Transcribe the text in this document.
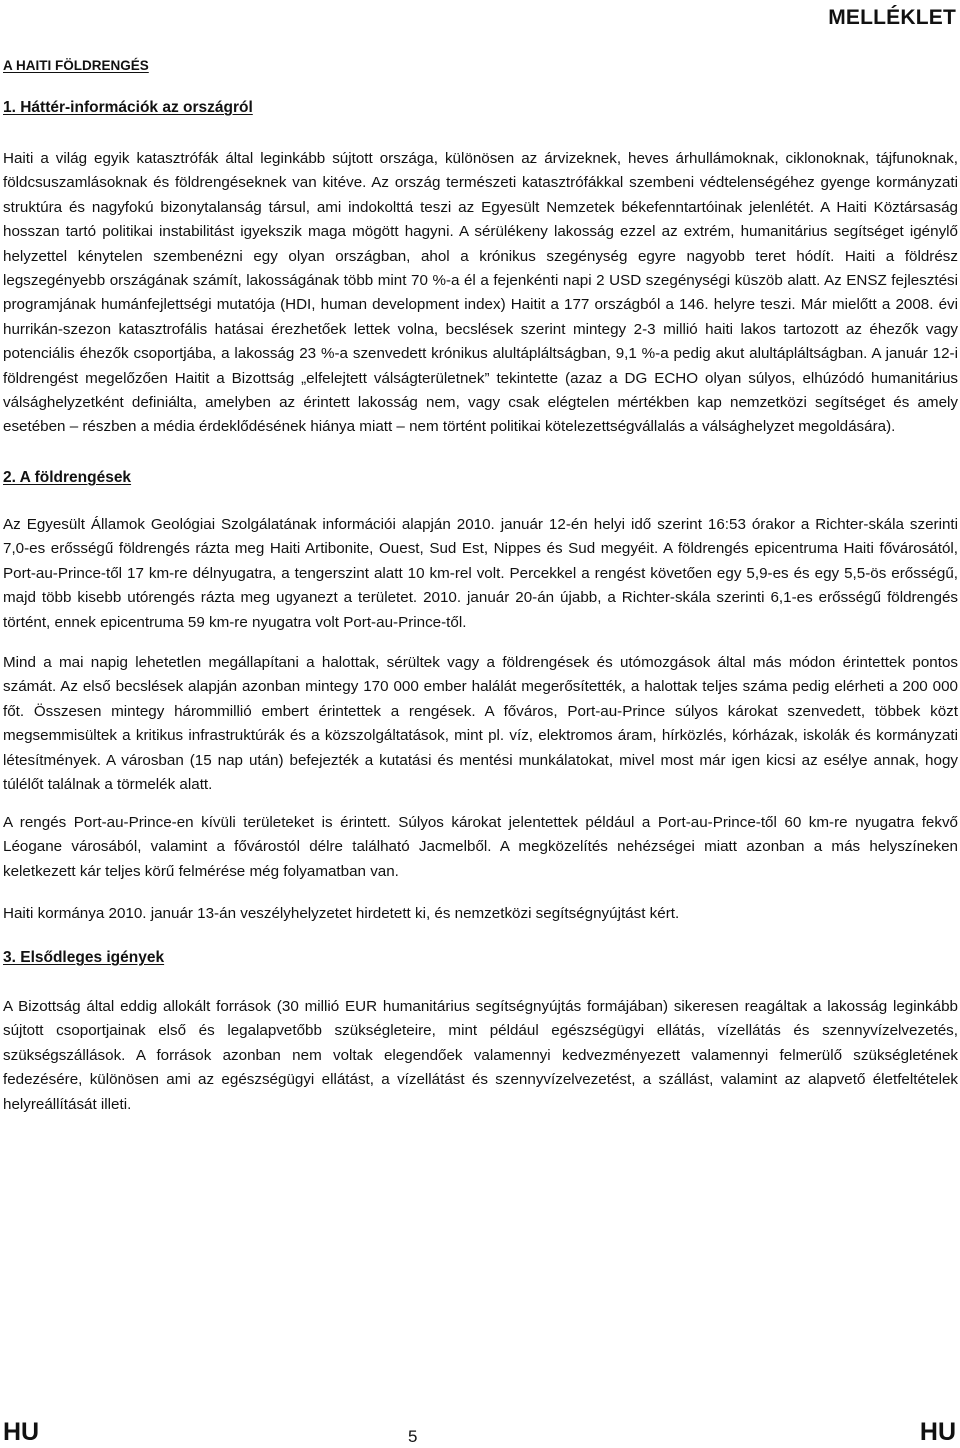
MELLÉKLET
A HAITI FÖLDRENGÉS
1. Háttér-információk az országról

Haiti a világ egyik katasztrófák által leginkább sújtott országa, különösen az árvizeknek, heves árhullámoknak, ciklonoknak, tájfunoknak, földcsuszamlásoknak és földrengéseknek van kitéve. Az ország természeti katasztrófákkal szembeni védtelenségéhez gyenge kormányzati struktúra és nagyfokú bizonytalanság társul, ami indokolttá teszi az Egyesült Nemzetek békefenntartóinak jelenlétét. A Haiti Köztársaság hosszan tartó politikai instabilitást igyekszik maga mögött hagyni. A sérülékeny lakosság ezzel az extrém, humanitárius segítséget igénylő helyzettel kénytelen szembenézni egy olyan országban, ahol a krónikus szegénység egyre nagyobb teret hódít. Haiti a földrész legszegényebb országának számít, lakosságának több mint 70 %-a él a fejenkénti napi 2 USD szegénységi küszöb alatt. Az ENSZ fejlesztési programjának humánfejlettségi mutatója (HDI, human development index) Haitit a 177 országból a 146. helyre teszi. Már mielőtt a 2008. évi hurrikán-szezon katasztrofális hatásai érezhetőek lettek volna, becslések szerint mintegy 2-3 millió haiti lakos tartozott az éhezők vagy potenciális éhezők csoportjába, a lakosság 23 %-a szenvedett krónikus alultápláltságban, 9,1 %-a pedig akut alultápláltságban. A január 12-i földrengést megelőzően Haitit a Bizottság „elfelejtett válságterületnek” tekintette (azaz a DG ECHO olyan súlyos, elhúzódó humanitárius válsághelyzetként definiálta, amelyben az érintett lakosság nem, vagy csak elégtelen mértékben kap nemzetközi segítséget és amely esetében – részben a média érdeklődésének hiánya miatt – nem történt politikai kötelezettségvállalás a válsághelyzet megoldására).

2. A földrengések

Az Egyesült Államok Geológiai Szolgálatának információi alapján 2010. január 12-én helyi idő szerint 16:53 órakor a Richter-skála szerinti 7,0-es erősségű földrengés rázta meg Haiti Artibonite, Ouest, Sud Est, Nippes és Sud megyéit. A földrengés epicentruma Haiti fővárosától, Port-au-Prince-től 17 km-re délnyugatra, a tengerszint alatt 10 km-rel volt. Percekkel a rengést követően egy 5,9-es és egy 5,5-ös erősségű, majd több kisebb utórengés rázta meg ugyanezt a területet. 2010. január 20-án újabb, a Richter-skála szerinti 6,1-es erősségű földrengés történt, ennek epicentruma 59 km-re nyugatra volt Port-au-Prince-től.

Mind a mai napig lehetetlen megállapítani a halottak, sérültek vagy a földrengések és utómozgások által más módon érintettek pontos számát. Az első becslések alapján azonban mintegy 170 000 ember halálát megerősítették, a halottak teljes száma pedig elérheti a 200 000 főt. Összesen mintegy hárommillió embert érintettek a rengések. A főváros, Port-au-Prince súlyos károkat szenvedett, többek közt megsemmisültek a kritikus infrastruktúrák és a közszolgáltatások, mint pl. víz, elektromos áram, hírközlés, kórházak, iskolák és kormányzati létesítmények. A városban (15 nap után) befejezték a kutatási és mentési munkálatokat, mivel most már igen kicsi az esélye annak, hogy túlélőt találnak a törmelék alatt.

A rengés Port-au-Prince-en kívüli területeket is érintett. Súlyos károkat jelentettek például a Port-au-Prince-től 60 km-re nyugatra fekvő Léogane városából, valamint a fővárostól délre található Jacmelből. A megközelítés nehézségei miatt azonban a más helyszíneken keletkezett kár teljes körű felmérése még folyamatban van.

Haiti kormánya 2010. január 13-án veszélyhelyzetet hirdetett ki, és nemzetközi segítségnyújtást kért.

3. Elsődleges igények

A Bizottság által eddig allokált források (30 millió EUR humanitárius segítségnyújtás formájában) sikeresen reagáltak a lakosság leginkább sújtott csoportjainak első és legalapvetőbb szükségleteire, mint például egészségügyi ellátás, vízellátás és szennyvízelvezetés, szükségszállások. A források azonban nem voltak elegendőek valamennyi kedvezményezett valamennyi felmerülő szükségletének fedezésére, különösen ami az egészségügyi ellátást, a vízellátást és szennyvízelvezetést, a szállást, valamint az alapvető életfeltételek helyreállítását illeti.

HU	5	HU
